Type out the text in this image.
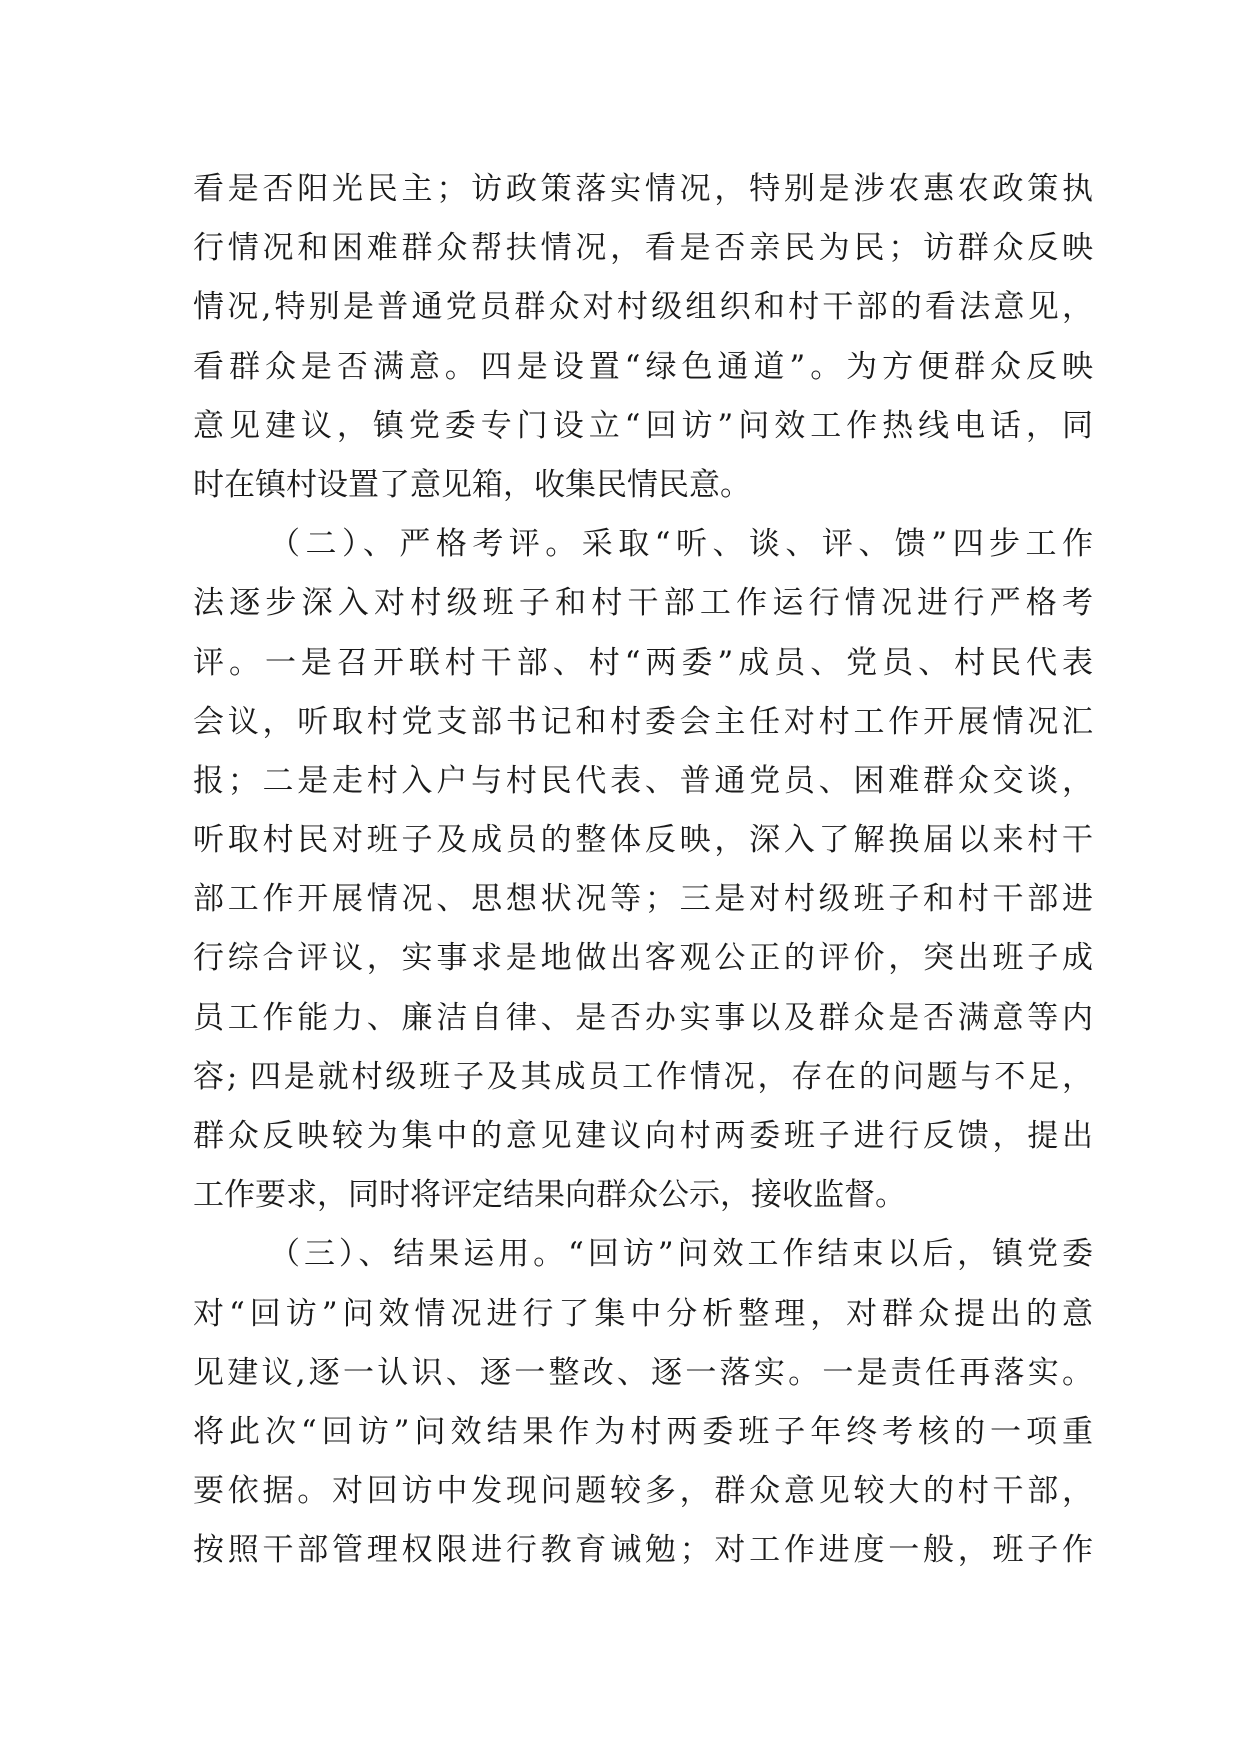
看是否阳光民主；访政策落实情况，特别是涉农惠农政策执
行情况和困难群众帮扶情况，看是否亲民为民；访群众反映
情况,特别是普通党员群众对村级组织和村干部的看法意见，
看群众是否满意。四是设置“绿色通道”。为方便群众反映
意见建议，镇党委专门设立“回访”问效工作热线电话，同
时在镇村设置了意见箱，收集民情民意。
（二）、严格考评。采取“听、谈、评、馈”四步工作
法逐步深入对村级班子和村干部工作运行情况进行严格考
评。一是召开联村干部、村“两委”成员、党员、村民代表
会议，听取村党支部书记和村委会主任对村工作开展情况汇
报；二是走村入户与村民代表、普通党员、困难群众交谈，
听取村民对班子及成员的整体反映，深入了解换届以来村干
部工作开展情况、思想状况等；三是对村级班子和村干部进
行综合评议，实事求是地做出客观公正的评价，突出班子成
员工作能力、廉洁自律、是否办实事以及群众是否满意等内
容; 四是就村级班子及其成员工作情况，存在的问题与不足，
群众反映较为集中的意见建议向村两委班子进行反馈，提出
工作要求，同时将评定结果向群众公示，接收监督。
（三）、结果运用。“回访”问效工作结束以后，镇党委
对“回访”问效情况进行了集中分析整理，对群众提出的意
见建议,逐一认识、逐一整改、逐一落实。一是责任再落实。
将此次“回访”问效结果作为村两委班子年终考核的一项重
要依据。对回访中发现问题较多，群众意见较大的村干部，
按照干部管理权限进行教育诫勉；对工作进度一般，班子作
